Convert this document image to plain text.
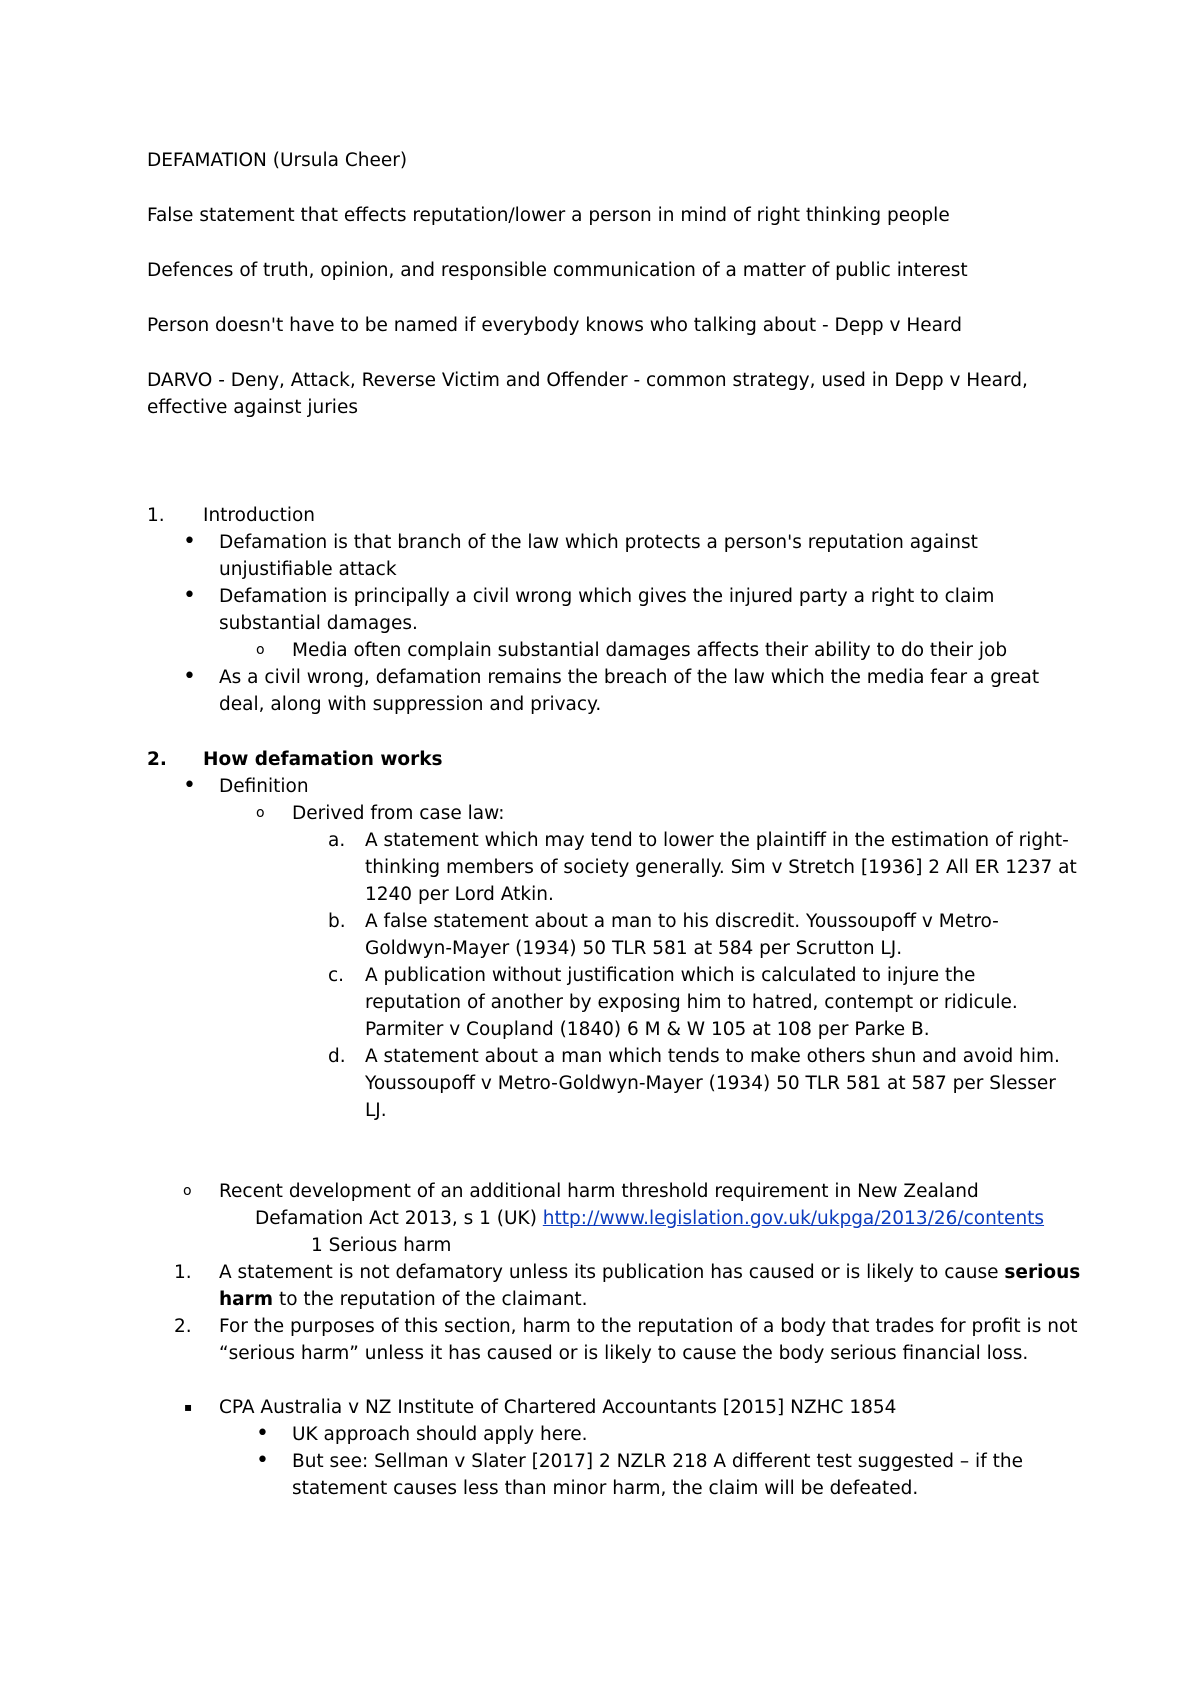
DEFAMATION (Ursula Cheer)
False statement that effects reputation/lower a person in mind of right thinking people
Defences of truth, opinion, and responsible communication of a matter of public interest
Person doesn't have to be named if everybody knows who talking about - Depp v Heard
DARVO - Deny, Attack, Reverse Victim and Offender - common strategy, used in Depp v Heard,
effective against juries
1. Introduction
• Defamation is that branch of the law which protects a person's reputation against
unjustifiable attack
• Defamation is principally a civil wrong which gives the injured party a right to claim
substantial damages.
o Media often complain substantial damages affects their ability to do their job
• As a civil wrong, defamation remains the breach of the law which the media fear a great
deal, along with suppression and privacy.
2. How defamation works
• Definition
o Derived from case law:
a. A statement which may tend to lower the plaintiff in the estimation of right-
thinking members of society generally. Sim v Stretch [1936] 2 All ER 1237 at
1240 per Lord Atkin.
b. A false statement about a man to his discredit. Youssoupoff v Metro-
Goldwyn-Mayer (1934) 50 TLR 581 at 584 per Scrutton LJ.
c. A publication without justification which is calculated to injure the
reputation of another by exposing him to hatred, contempt or ridicule.
Parmiter v Coupland (1840) 6 M & W 105 at 108 per Parke B.
d. A statement about a man which tends to make others shun and avoid him.
Youssoupoff v Metro-Goldwyn-Mayer (1934) 50 TLR 581 at 587 per Slesser
LJ.
o Recent development of an additional harm threshold requirement in New Zealand
Defamation Act 2013, s 1 (UK) http://www.legislation.gov.uk/ukpga/2013/26/contents
1 Serious harm
1. A statement is not defamatory unless its publication has caused or is likely to cause serious
harm to the reputation of the claimant.
2. For the purposes of this section, harm to the reputation of a body that trades for profit is not
“serious harm” unless it has caused or is likely to cause the body serious financial loss.
▪ CPA Australia v NZ Institute of Chartered Accountants [2015] NZHC 1854
• UK approach should apply here.
• But see: Sellman v Slater [2017] 2 NZLR 218 A different test suggested – if the
statement causes less than minor harm, the claim will be defeated.
